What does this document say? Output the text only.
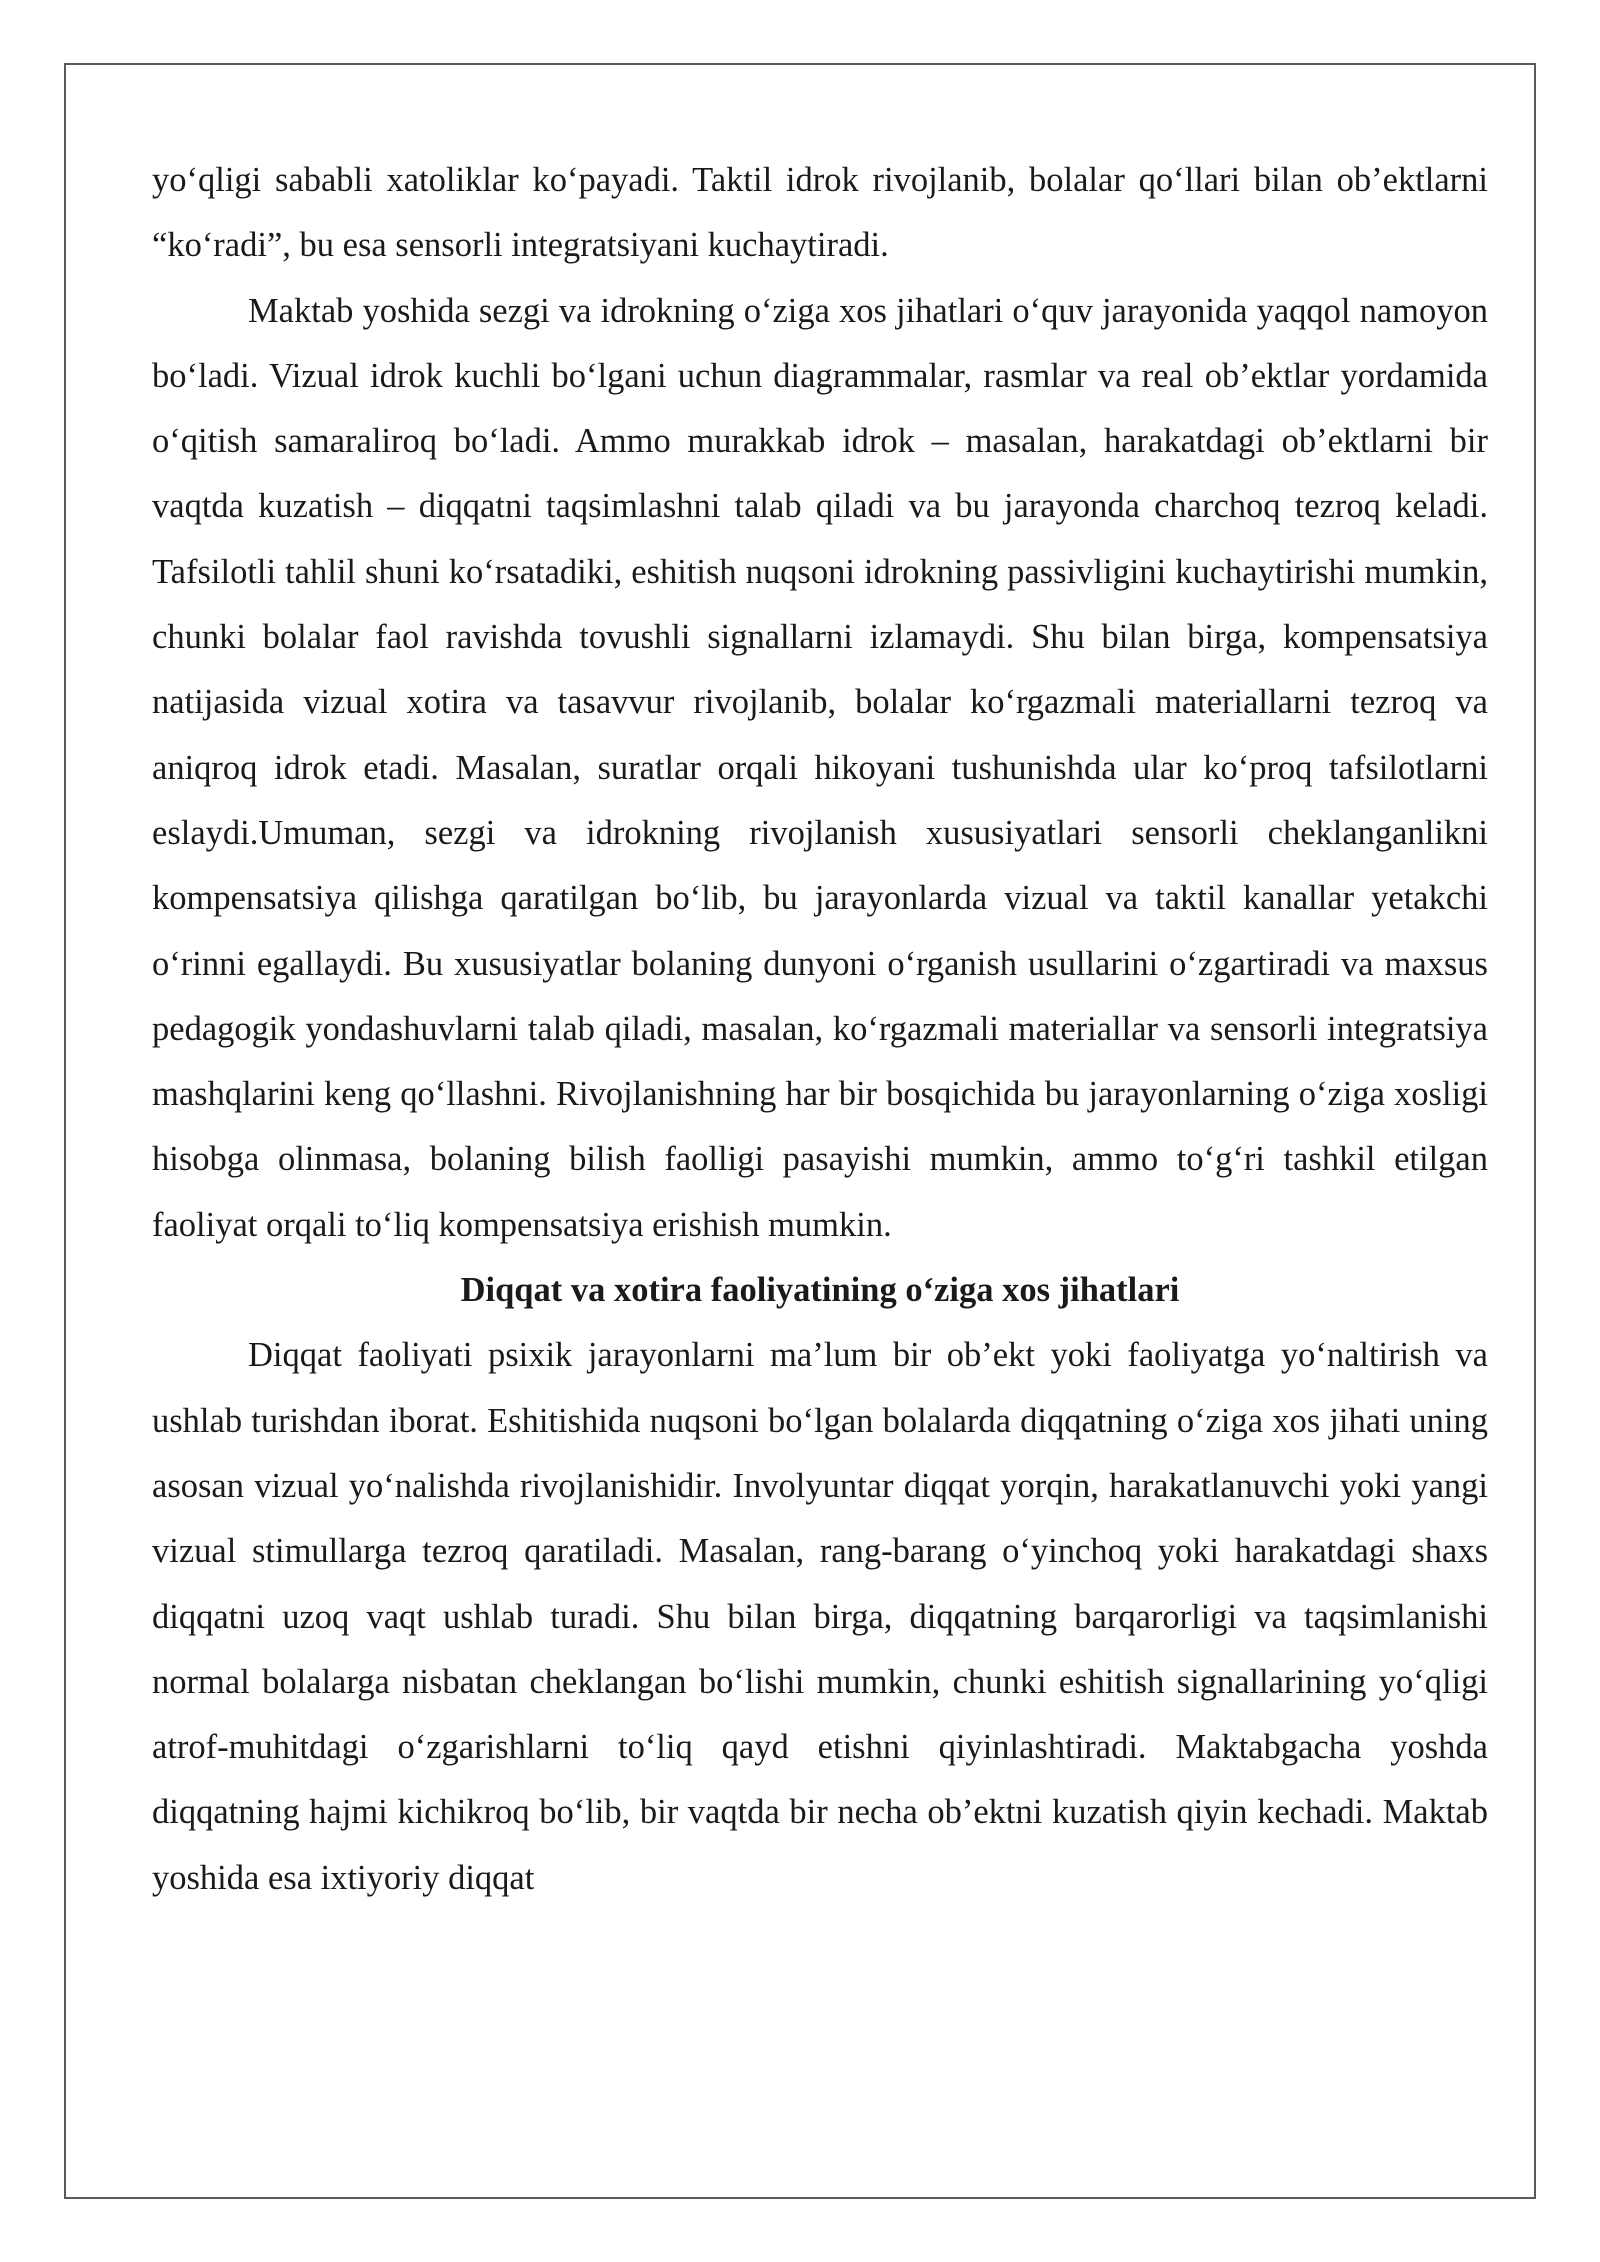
yo‘qligi sababli xatoliklar ko‘payadi. Taktil idrok rivojlanib, bolalar qo‘llari bilan ob’ektlarni “ko‘radi”, bu esa sensorli integratsiyani kuchaytiradi.

Maktab yoshida sezgi va idrokning o‘ziga xos jihatlari o‘quv jarayonida yaqqol namoyon bo‘ladi. Vizual idrok kuchli bo‘lgani uchun diagrammalar, rasmlar va real ob’ektlar yordamida o‘qitish samaraliroq bo‘ladi. Ammo murakkab idrok – masalan, harakatdagi ob’ektlarni bir vaqtda kuzatish – diqqatni taqsimlashni talab qiladi va bu jarayonda charchoq tezroq keladi. Tafsilotli tahlil shuni ko‘rsatadiki, eshitish nuqsoni idrokning passivligini kuchaytirishi mumkin, chunki bolalar faol ravishda tovushli signallarni izlamaydi. Shu bilan birga, kompensatsiya natijasida vizual xotira va tasavvur rivojlanib, bolalar ko‘rgazmali materiallarni tezroq va aniqroq idrok etadi. Masalan, suratlar orqali hikoyani tushunishda ular ko‘proq tafsilotlarni eslaydi.Umuman, sezgi va idrokning rivojlanish xususiyatlari sensorli cheklanganlikni kompensatsiya qilishga qaratilgan bo‘lib, bu jarayonlarda vizual va taktil kanallar yetakchi o‘rinni egallaydi. Bu xususiyatlar bolaning dunyoni o‘rganish usullarini o‘zgartiradi va maxsus pedagogik yondashuvlarni talab qiladi, masalan, ko‘rgazmali materiallar va sensorli integratsiya mashqlarini keng qo‘llashni. Rivojlanishning har bir bosqichida bu jarayonlarning o‘ziga xosligi hisobga olinmasa, bolaning bilish faolligi pasayishi mumkin, ammo to‘g‘ri tashkil etilgan faoliyat orqali to‘liq kompensatsiya erishish mumkin.

Diqqat va xotira faoliyatining o‘ziga xos jihatlari

Diqqat faoliyati psixik jarayonlarni ma’lum bir ob’ekt yoki faoliyatga yo‘naltirish va ushlab turishdan iborat. Eshitishida nuqsoni bo‘lgan bolalarda diqqatning o‘ziga xos jihati uning asosan vizual yo‘nalishda rivojlanishidir. Involyuntar diqqat yorqin, harakatlanuvchi yoki yangi vizual stimullarga tezroq qaratiladi. Masalan, rang-barang o‘yinchoq yoki harakatdagi shaxs diqqatni uzoq vaqt ushlab turadi. Shu bilan birga, diqqatning barqarorligi va taqsimlanishi normal bolalarga nisbatan cheklangan bo‘lishi mumkin, chunki eshitish signallarining yo‘qligi atrof-muhitdagi o‘zgarishlarni to‘liq qayd etishni qiyinlashtiradi. Maktabgacha yoshda diqqatning hajmi kichikroq bo‘lib, bir vaqtda bir necha ob’ektni kuzatish qiyin kechadi. Maktab yoshida esa ixtiyoriy diqqat
